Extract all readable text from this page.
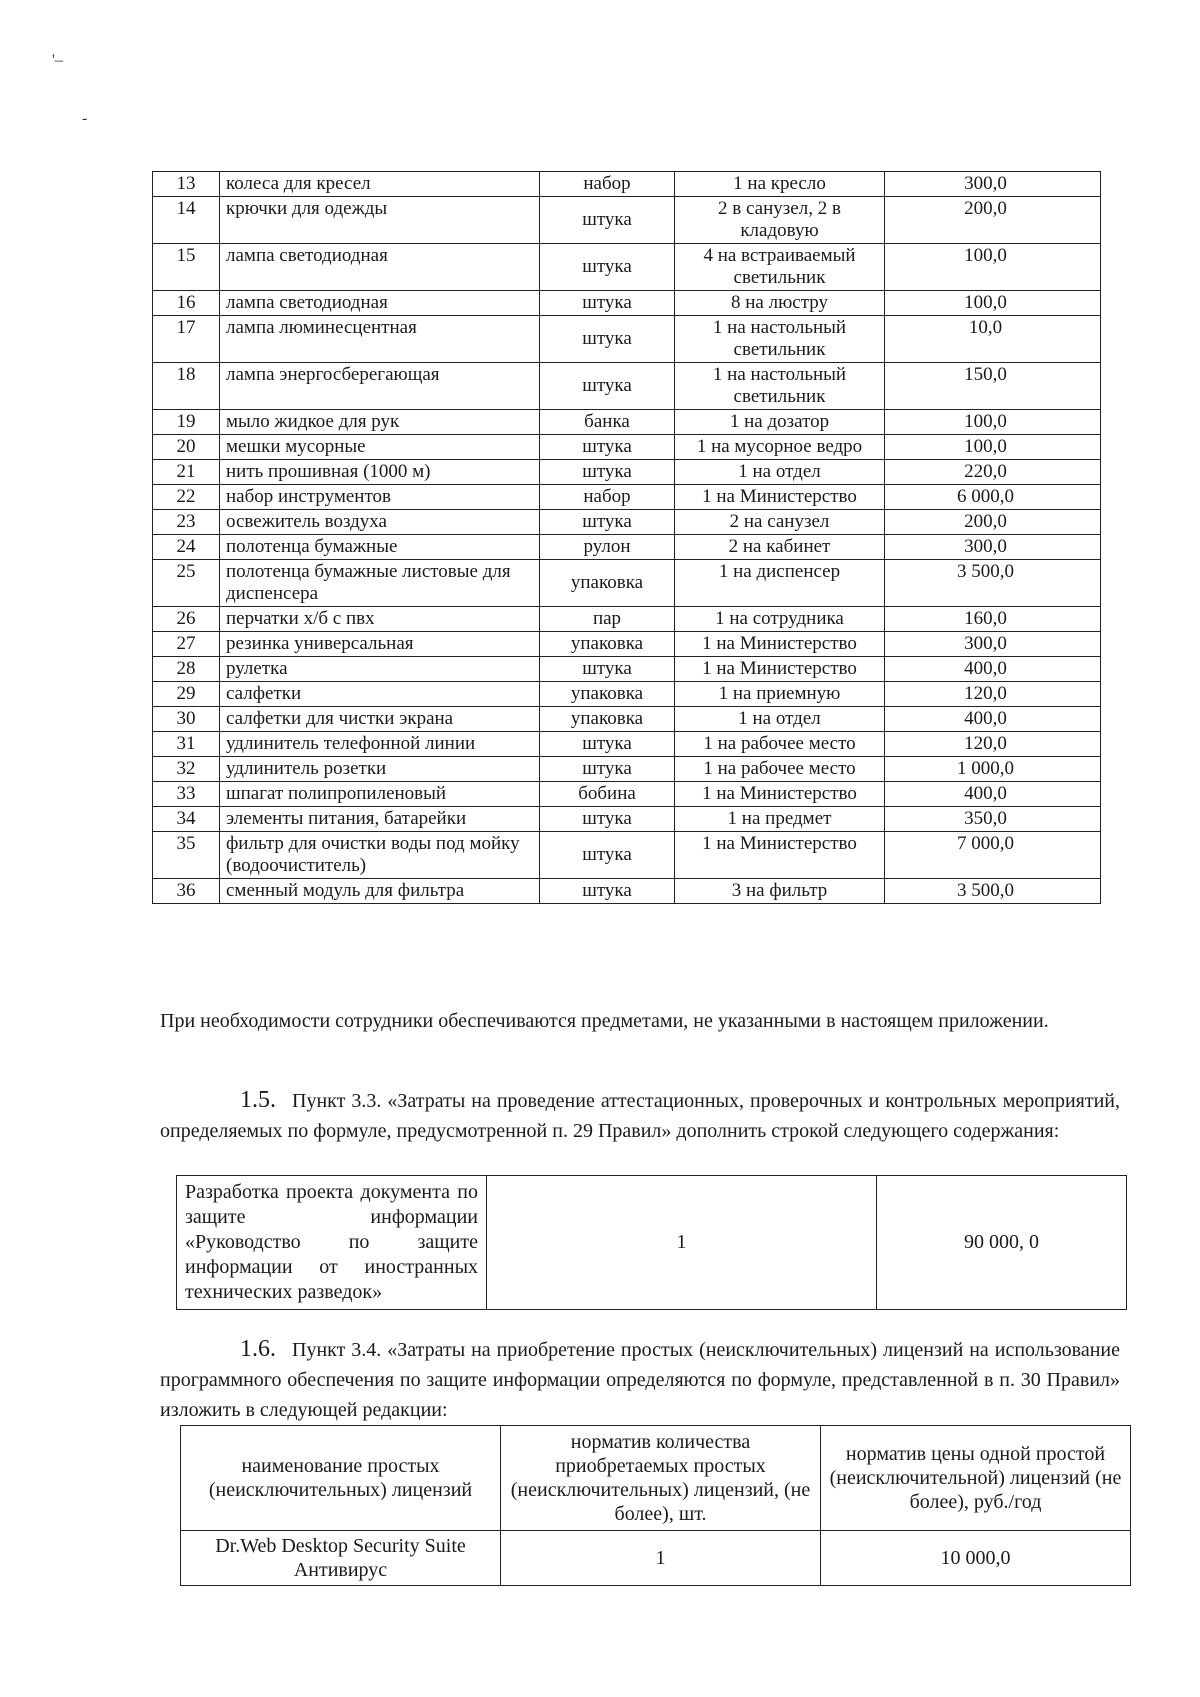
'–
-
13	колеса для кресел	набор	1 на кресло	300,0
14	крючки для одежды	штука	2 в санузел, 2 в кладовую	200,0
15	лампа светодиодная	штука	4 на встраиваемый светильник	100,0
16	лампа светодиодная	штука	8 на люстру	100,0
17	лампа люминесцентная	штука	1 на настольный светильник	10,0
18	лампа энергосберегающая	штука	1 на настольный светильник	150,0
19	мыло жидкое для рук	банка	1 на дозатор	100,0
20	мешки мусорные	штука	1 на мусорное ведро	100,0
21	нить прошивная (1000 м)	штука	1 на отдел	220,0
22	набор инструментов	набор	1 на Министерство	6 000,0
23	освежитель воздуха	штука	2 на санузел	200,0
24	полотенца бумажные	рулон	2 на кабинет	300,0
25	полотенца бумажные листовые для диспенсера	упаковка	1 на диспенсер	3 500,0
26	перчатки х/б с пвх	пар	1 на сотрудника	160,0
27	резинка универсальная	упаковка	1 на Министерство	300,0
28	рулетка	штука	1 на Министерство	400,0
29	салфетки	упаковка	1 на приемную	120,0
30	салфетки для чистки экрана	упаковка	1 на отдел	400,0
31	удлинитель телефонной линии	штука	1 на рабочее место	120,0
32	удлинитель розетки	штука	1 на рабочее место	1 000,0
33	шпагат полипропиленовый	бобина	1 на Министерство	400,0
34	элементы питания, батарейки	штука	1 на предмет	350,0
35	фильтр для очистки воды под мойку (водоочиститель)	штука	1 на Министерство	7 000,0
36	сменный модуль для фильтра	штука	3 на фильтр	3 500,0

При необходимости сотрудники обеспечиваются предметами, не указанными в настоящем приложении.

1.5. Пункт 3.3. «Затраты на проведение аттестационных, проверочных и контрольных мероприятий, определяемых по формуле, предусмотренной п. 29 Правил» дополнить строкой следующего содержания:

Разработка проекта документа по защите информации «Руководство по защите информации от иностранных технических разведок»	1	90 000, 0

1.6. Пункт 3.4. «Затраты на приобретение простых (неисключительных) лицензий на использование программного обеспечения по защите информации определяются по формуле, представленной в п. 30 Правил» изложить в следующей редакции:

наименование простых (неисключительных) лицензий	норматив количества приобретаемых простых (неисключительных) лицензий, (не более), шт.	норматив цены одной простой (неисключительной) лицензий (не более), руб./год
Dr.Web Desktop Security Suite Антивирус	1	10 000,0
